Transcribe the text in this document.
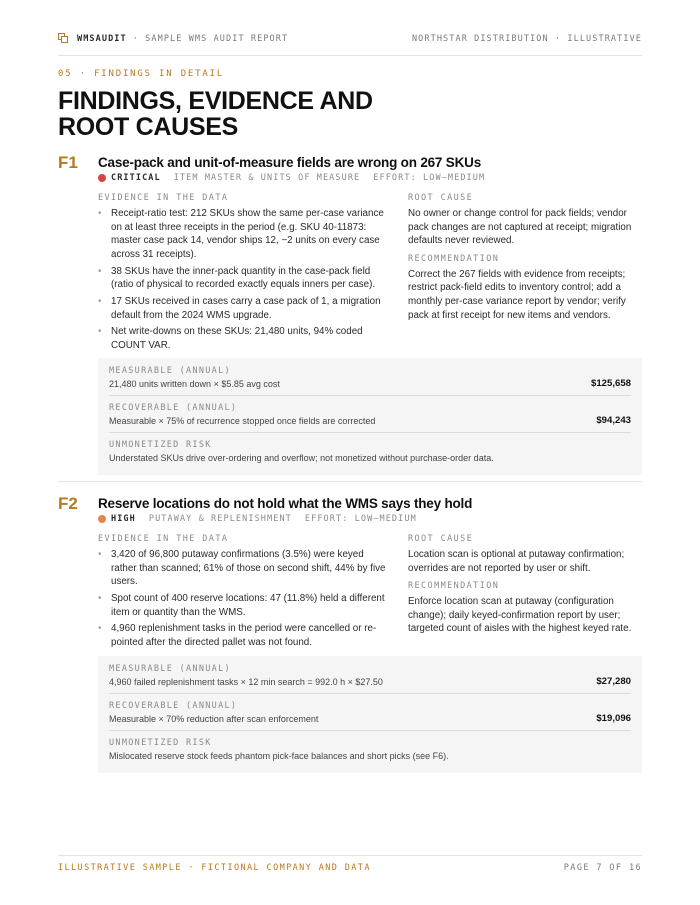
WMSAUDIT · SAMPLE WMS AUDIT REPORT	NORTHSTAR DISTRIBUTION · ILLUSTRATIVE
05 · FINDINGS IN DETAIL
FINDINGS, EVIDENCE AND ROOT CAUSES
F1 Case-pack and unit-of-measure fields are wrong on 267 SKUs
CRITICAL ITEM MASTER & UNITS OF MEASURE EFFORT: LOW–MEDIUM
EVIDENCE IN THE DATA
• Receipt-ratio test: 212 SKUs show the same per-case variance on at least three receipts in the period (e.g. SKU 40-11873: master case pack 14, vendor ships 12, −2 units on every case across 31 receipts).
• 38 SKUs have the inner-pack quantity in the case-pack field (ratio of physical to recorded exactly equals inners per case).
• 17 SKUs received in cases carry a case pack of 1, a migration default from the 2024 WMS upgrade.
• Net write-downs on these SKUs: 21,480 units, 94% coded COUNT VAR.
ROOT CAUSE
No owner or change control for pack fields; vendor pack changes are not captured at receipt; migration defaults never reviewed.
RECOMMENDATION
Correct the 267 fields with evidence from receipts; restrict pack-field edits to inventory control; add a monthly per-case variance report by vendor; verify pack at first receipt for new items and vendors.
MEASURABLE (ANNUAL)
21,480 units written down × $5.85 avg cost	$125,658
RECOVERABLE (ANNUAL)
Measurable × 75% of recurrence stopped once fields are corrected	$94,243
UNMONETIZED RISK
Understated SKUs drive over-ordering and overflow; not monetized without purchase-order data.
F2 Reserve locations do not hold what the WMS says they hold
HIGH PUTAWAY & REPLENISHMENT EFFORT: LOW–MEDIUM
EVIDENCE IN THE DATA
• 3,420 of 96,800 putaway confirmations (3.5%) were keyed rather than scanned; 61% of those on second shift, 44% by five users.
• Spot count of 400 reserve locations: 47 (11.8%) held a different item or quantity than the WMS.
• 4,960 replenishment tasks in the period were cancelled or re-pointed after the directed pallet was not found.
ROOT CAUSE
Location scan is optional at putaway confirmation; overrides are not reported by user or shift.
RECOMMENDATION
Enforce location scan at putaway (configuration change); daily keyed-confirmation report by user; targeted count of aisles with the highest keyed rate.
MEASURABLE (ANNUAL)
4,960 failed replenishment tasks × 12 min search = 992.0 h × $27.50	$27,280
RECOVERABLE (ANNUAL)
Measurable × 70% reduction after scan enforcement	$19,096
UNMONETIZED RISK
Mislocated reserve stock feeds phantom pick-face balances and short picks (see F6).
ILLUSTRATIVE SAMPLE · FICTIONAL COMPANY AND DATA	PAGE 7 OF 16
